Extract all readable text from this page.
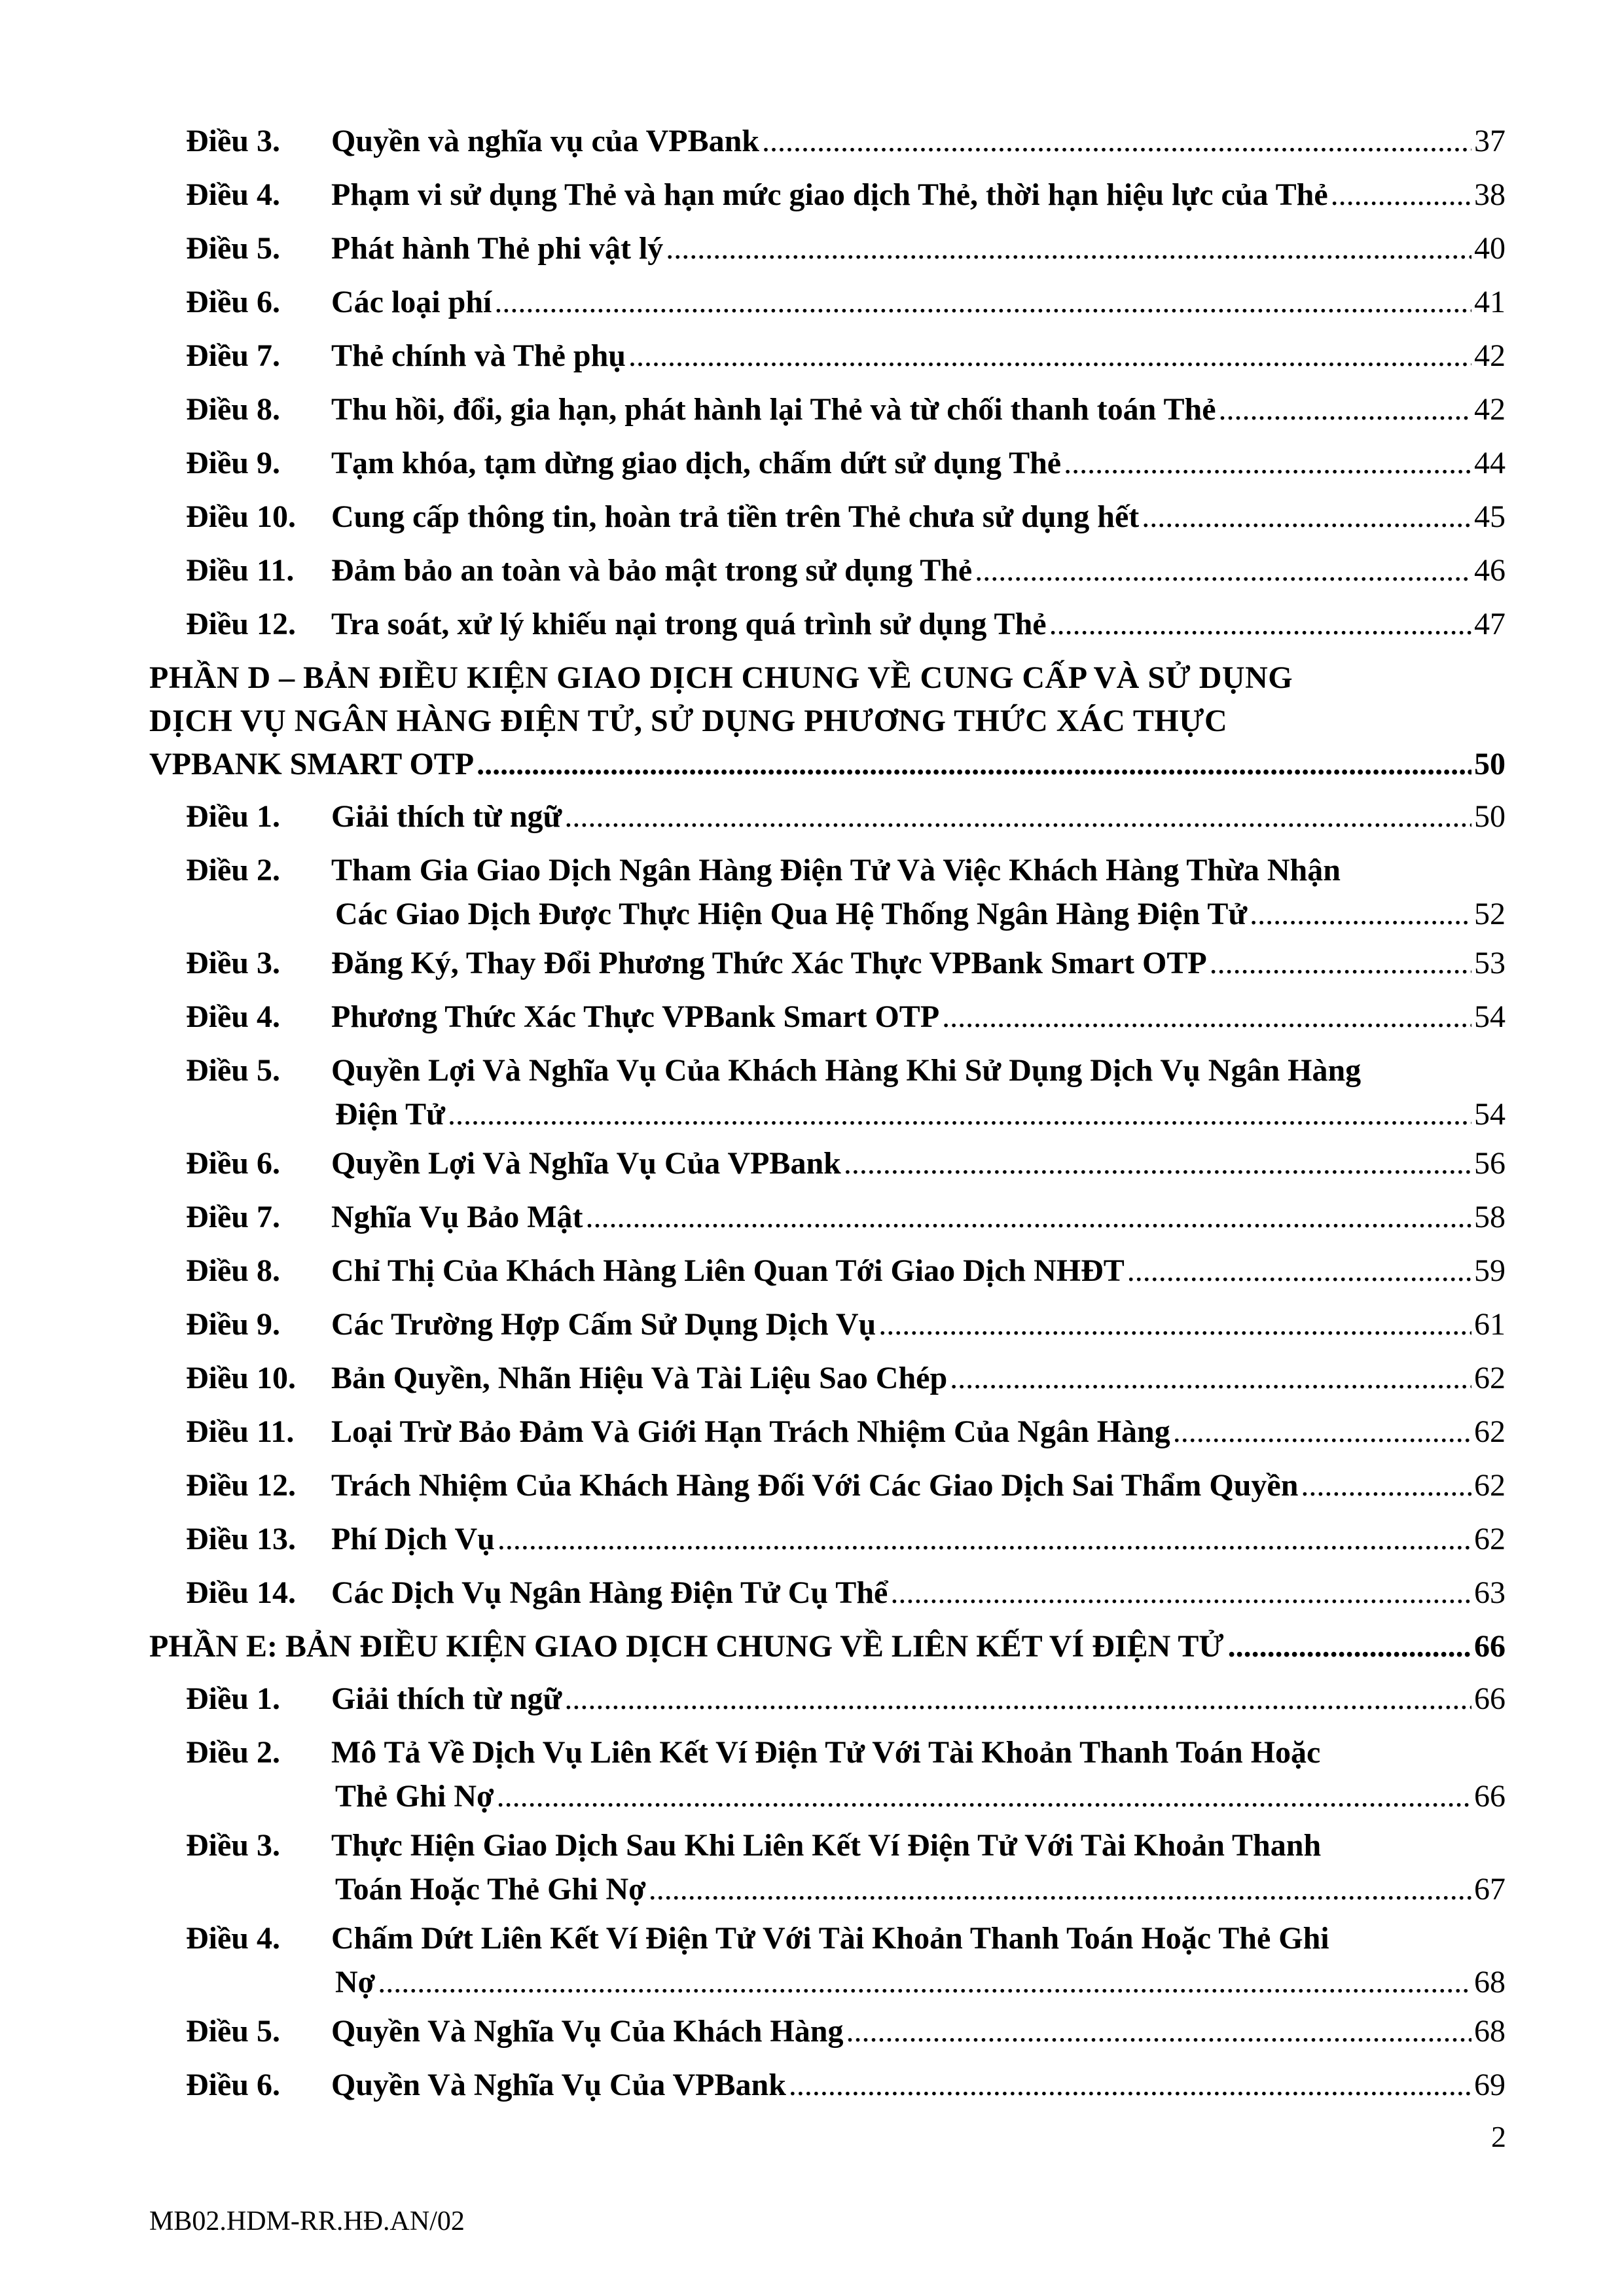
Điều 3.	Quyền và nghĩa vụ của VPBank .....	37
Điều 4.	Phạm vi sử dụng Thẻ và hạn mức giao dịch Thẻ, thời hạn hiệu lực của Thẻ .....	38
Điều 5.	Phát hành Thẻ phi vật lý .....	40
Điều 6.	Các loại phí .....	41
Điều 7.	Thẻ chính và Thẻ phụ .....	42
Điều 8.	Thu hồi, đổi, gia hạn, phát hành lại Thẻ và từ chối thanh toán Thẻ .....	42
Điều 9.	Tạm khóa, tạm dừng giao dịch, chấm dứt sử dụng Thẻ .....	44
Điều 10.	Cung cấp thông tin, hoàn trả tiền trên Thẻ chưa sử dụng hết .....	45
Điều 11.	Đảm bảo an toàn và bảo mật trong sử dụng Thẻ .....	46
Điều 12.	Tra soát, xử lý khiếu nại trong quá trình sử dụng Thẻ .....	47
PHẦN D – BẢN ĐIỀU KIỆN GIAO DỊCH CHUNG VỀ CUNG CẤP VÀ SỬ DỤNG
DỊCH VỤ NGÂN HÀNG ĐIỆN TỬ, SỬ DỤNG PHƯƠNG THỨC XÁC THỰC
VPBANK SMART OTP .....	50
Điều 1.	Giải thích từ ngữ .....	50
Điều 2.	Tham Gia Giao Dịch Ngân Hàng Điện Tử Và Việc Khách Hàng Thừa Nhận
Các Giao Dịch Được Thực Hiện Qua Hệ Thống Ngân Hàng Điện Tử .....	52
Điều 3.	Đăng Ký, Thay Đổi Phương Thức Xác Thực VPBank Smart OTP .....	53
Điều 4.	Phương Thức Xác Thực VPBank Smart OTP .....	54
Điều 5.	Quyền Lợi Và Nghĩa Vụ Của Khách Hàng Khi Sử Dụng Dịch Vụ Ngân Hàng
Điện Tử .....	54
Điều 6.	Quyền Lợi Và Nghĩa Vụ Của VPBank .....	56
Điều 7.	Nghĩa Vụ Bảo Mật .....	58
Điều 8.	Chỉ Thị Của Khách Hàng Liên Quan Tới Giao Dịch NHĐT .....	59
Điều 9.	Các Trường Hợp Cấm Sử Dụng Dịch Vụ .....	61
Điều 10.	Bản Quyền, Nhãn Hiệu Và Tài Liệu Sao Chép .....	62
Điều 11.	Loại Trừ Bảo Đảm Và Giới Hạn Trách Nhiệm Của Ngân Hàng .....	62
Điều 12.	Trách Nhiệm Của Khách Hàng Đối Với Các Giao Dịch Sai Thẩm Quyền .....	62
Điều 13.	Phí Dịch Vụ .....	62
Điều 14.	Các Dịch Vụ Ngân Hàng Điện Tử Cụ Thể .....	63
PHẦN E: BẢN ĐIỀU KIỆN GIAO DỊCH CHUNG VỀ LIÊN KẾT VÍ ĐIỆN TỬ .....	66
Điều 1.	Giải thích từ ngữ .....	66
Điều 2.	Mô Tả Về Dịch Vụ Liên Kết Ví Điện Tử Với Tài Khoản Thanh Toán Hoặc
Thẻ Ghi Nợ .....	66
Điều 3.	Thực Hiện Giao Dịch Sau Khi Liên Kết Ví Điện Tử Với Tài Khoản Thanh
Toán Hoặc Thẻ Ghi Nợ .....	67
Điều 4.	Chấm Dứt Liên Kết Ví Điện Tử Với Tài Khoản Thanh Toán Hoặc Thẻ Ghi
Nợ .....	68
Điều 5.	Quyền Và Nghĩa Vụ Của Khách Hàng .....	68
Điều 6.	Quyền Và Nghĩa Vụ Của VPBank .....	69
2
MB02.HDM-RR.HĐ.AN/02
